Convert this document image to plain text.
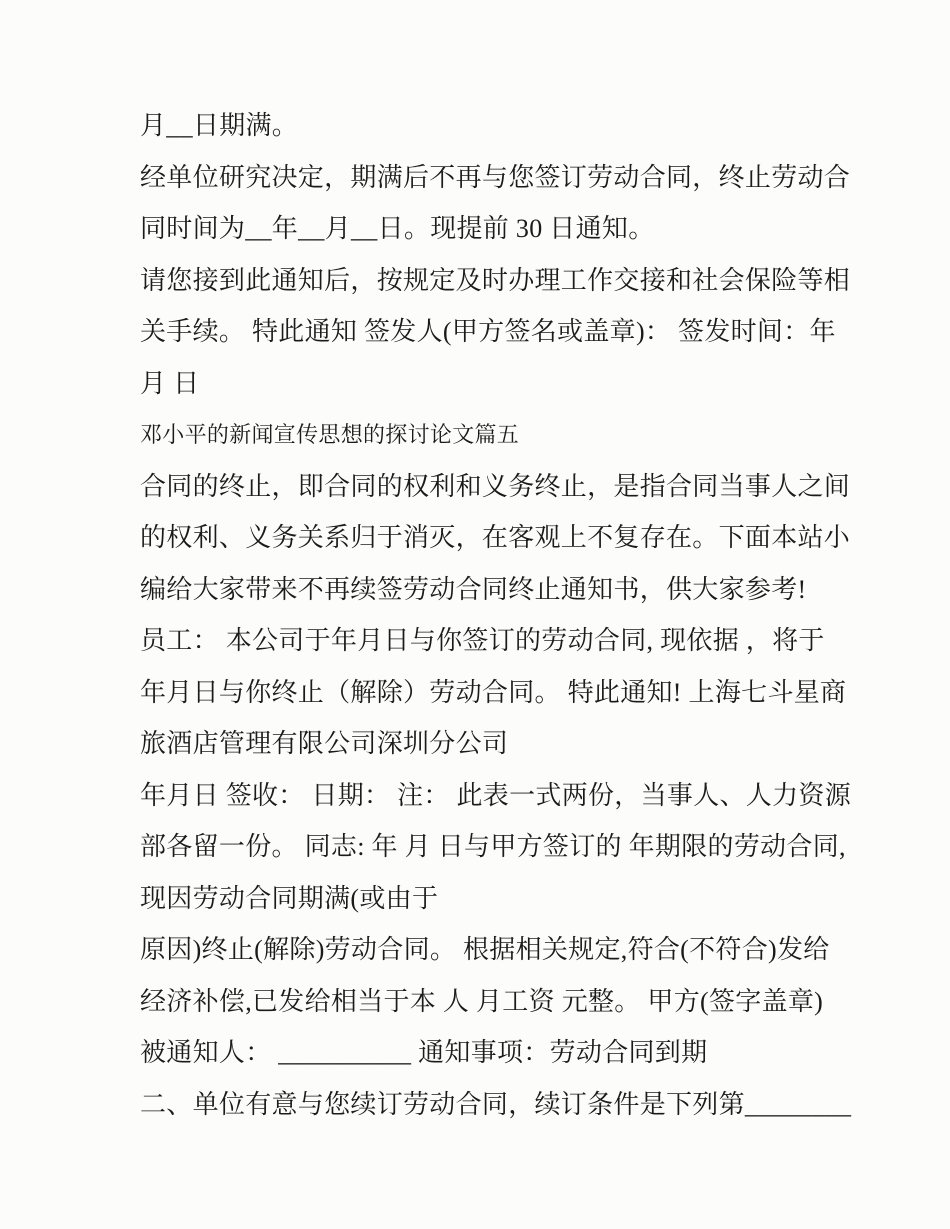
月__日期满。
经单位研究决定，期满后不再与您签订劳动合同，终止劳动合
同时间为__年__月__日。现提前 30 日通知。
请您接到此通知后，按规定及时办理工作交接和社会保险等相
关手续。 特此通知 签发人(甲方签名或盖章)： 签发时间：年
月 日
邓小平的新闻宣传思想的探讨论文篇五
合同的终止，即合同的权利和义务终止，是指合同当事人之间
的权利、义务关系归于消灭，在客观上不复存在。下面本站小
编给大家带来不再续签劳动合同终止通知书，供大家参考!
员工： 本公司于年月日与你签订的劳动合同, 现依据 ，将于
年月日与你终止（解除）劳动合同。 特此通知! 上海七斗星商
旅酒店管理有限公司深圳分公司
年月日 签收： 日期： 注： 此表一式两份，当事人、人力资源
部各留一份。 同志: 年 月 日与甲方签订的 年期限的劳动合同,
现因劳动合同期满(或由于
原因)终止(解除)劳动合同。 根据相关规定,符合(不符合)发给
经济补偿,已发给相当于本 人 月工资 元整。 甲方(签字盖章)
被通知人： __________ 通知事项：劳动合同到期
二、单位有意与您续订劳动合同，续订条件是下列第________
